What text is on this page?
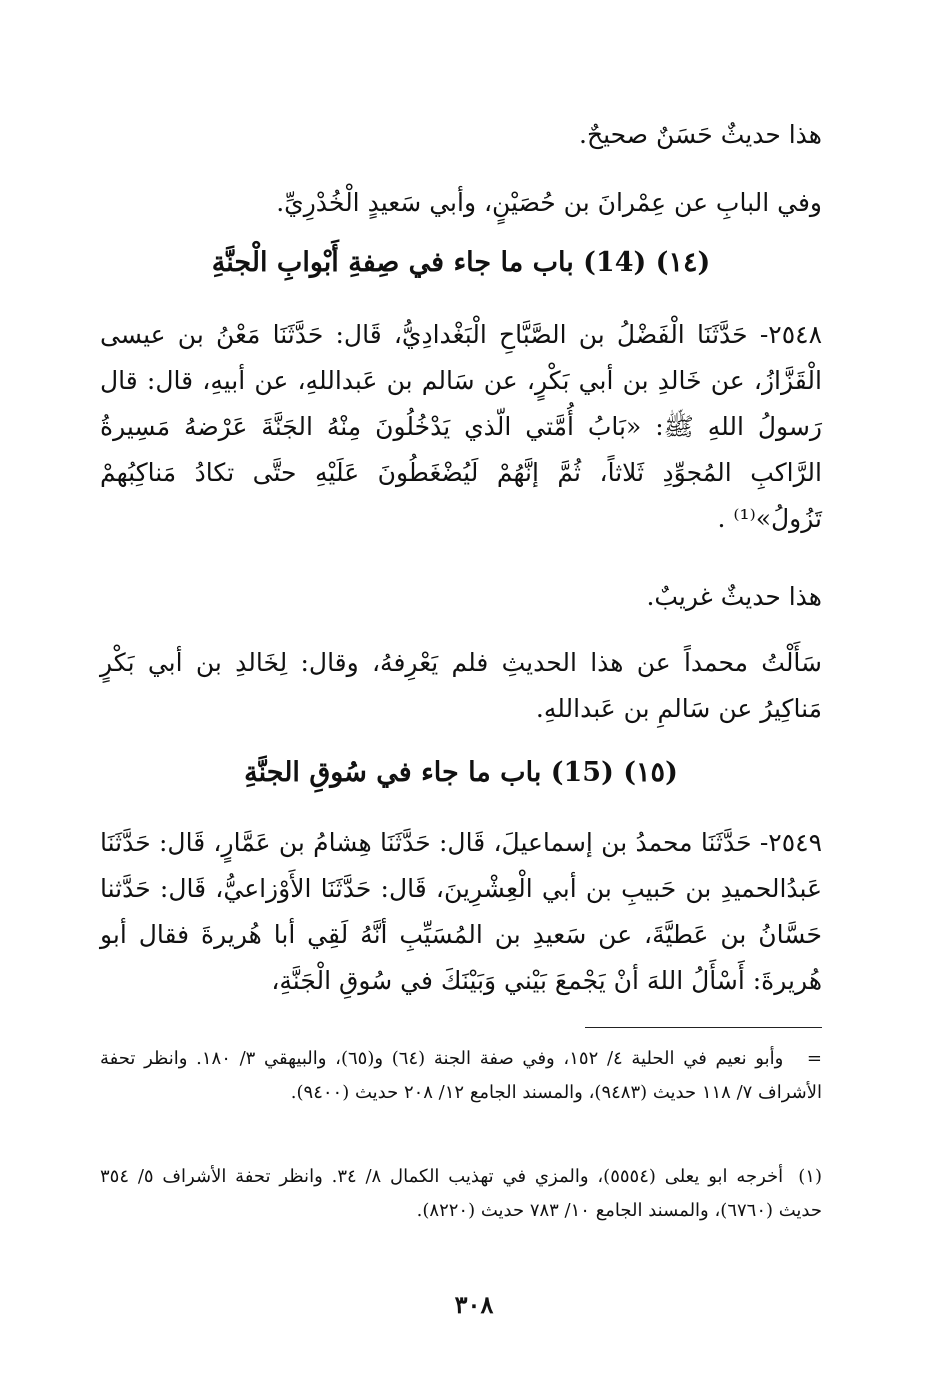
هذا حديثٌ حَسَنٌ صحيحٌ.

وفي البابِ عن عِمْرانَ بن حُصَيْنٍ، وأبي سَعيدٍ الْخُدْرِيِّ.

(١٤) (14) باب ما جاء في صِفةِ أَبْوابِ الْجنَّةِ

٢٥٤٨- حَدَّثَنَا الْفَضْلُ بن الصَّبَّاحِ الْبَغْدادِيُّ، قَال: حَدَّثَنَا مَعْنُ بن عيسى الْقَزَّازُ، عن خَالدِ بن أبي بَكْرٍ، عن سَالم بن عَبداللهِ، عن أبيهِ، قال: قال رَسولُ اللهِ ﷺ: «بَابُ أُمَّتي الّذي يَدْخُلُونَ مِنْهُ الجَنَّةَ عَرْضهُ مَسِيرةُ الرَّاكبِ المُجوِّدِ ثَلاثاً، ثُمَّ إنَّهُمْ لَيُضْغَطُونَ عَلَيْهِ حتَّى تكادُ مَناكِبُهمْ تَزُولُ»⁽¹⁾ .

هذا حديثٌ غريبٌ.

سَأَلْتُ محمداً عن هذا الحديثِ فلم يَعْرِفهُ، وقال: لِخَالدِ بن أبي بَكْرٍ مَناكِيرُ عن سَالمِ بن عَبداللهِ.

(١٥) (15) باب ما جاء في سُوقِ الجنَّةِ

٢٥٤٩- حَدَّثَنَا محمدُ بن إسماعيلَ، قَال: حَدَّثَنَا هِشامُ بن عَمَّارٍ، قَال: حَدَّثَنَا عَبدُالحميدِ بن حَبيبِ بن أبي الْعِشْرِينَ، قَال: حَدَّثَنَا الأَوْزاعيُّ، قَال: حَدَّثنا حَسَّانُ بن عَطيَّةَ، عن سَعيدِ بن المُسَيِّبِ أنَّهُ لَقِي أبا هُريرةَ فقال أبو هُريرةَ: أَسْأَلُ اللهَ أنْ يَجْمعَ بَيْني وَبَيْنَكَ في سُوقِ الْجَنَّةِ،

= وأبو نعيم في الحلية ٤/ ١٥٢، وفي صفة الجنة (٦٤) و(٦٥)، والبيهقي ٣/ ١٨٠. وانظر تحفة الأشراف ٧/ ١١٨ حديث (٩٤٨٣)، والمسند الجامع ١٢/ ٢٠٨ حديث (٩٤٠٠).
(١) أخرجه ابو يعلى (٥٥٥٤)، والمزي في تهذيب الكمال ٨/ ٣٤. وانظر تحفة الأشراف ٥/ ٣٥٤ حديث (٦٧٦٠)، والمسند الجامع ١٠/ ٧٨٣ حديث (٨٢٢٠).
٣٠٨
